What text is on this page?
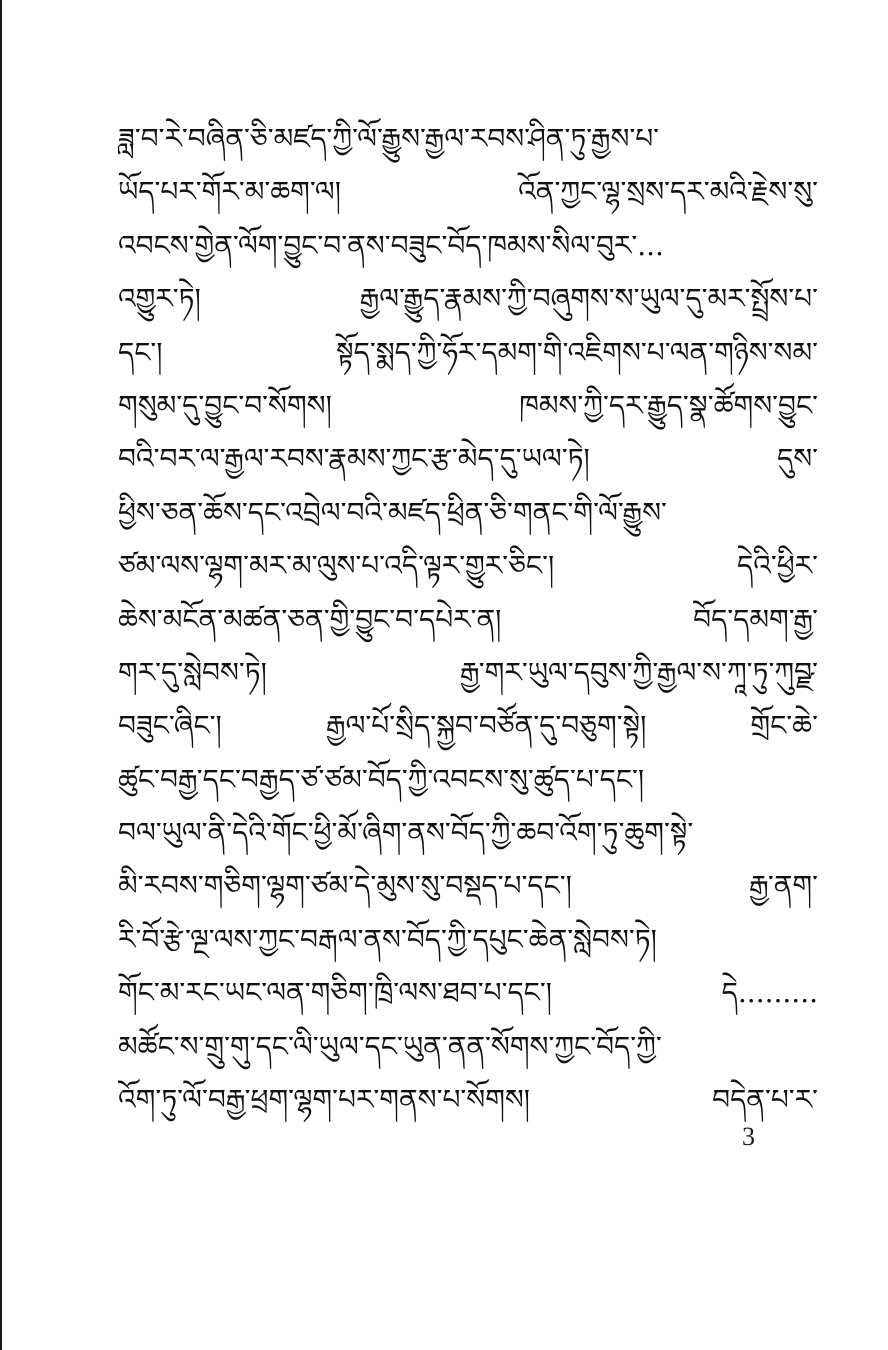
ཟླ་བ་རེ་བཞིན་ཅི་མཛད་ཀྱི་ལོ་རྒྱུས་རྒྱལ་རབས་ཤིན་ཏུ་རྒྱས་པ་
ཡོད་པར་གོར་མ་ཆག་ལ། འོན་ཀྱང་ལྷ་སྲས་དར་མའི་རྗེས་སུ་
འབངས་གྱེན་ལོག་བྱུང་བ་ནས་བཟུང་བོད་ཁམས་སིལ་བུར་...
འགྱུར་ཏེ། རྒྱལ་རྒྱུད་རྣམས་ཀྱི་བཞུགས་ས་ཡུལ་དུ་མར་སྤྲོས་པ་
དང་། སྟོད་སྨད་ཀྱི་ཧོར་དམག་གི་འཇིགས་པ་ལན་གཉིས་སམ་
གསུམ་དུ་བྱུང་བ་སོགས། ཁམས་ཀྱི་དར་རྒྱུད་སྣ་ཚོགས་བྱུང་
བའི་བར་ལ་རྒྱལ་རབས་རྣམས་ཀྱང་རྩ་མེད་དུ་ཡལ་ཏེ། དུས་
ཕྱིས་ཅན་ཆོས་དང་འབྲེལ་བའི་མཛད་ཕྲིན་ཅི་གནང་གི་ལོ་རྒྱུས་
ཙམ་ལས་ལྷག་མར་མ་ལུས་པ་འདི་ལྟར་གྱུར་ཅིང་། དེའི་ཕྱིར་
ཆེས་མངོན་མཚན་ཅན་གྱི་བྱུང་བ་དཔེར་ན། བོད་དམག་རྒྱ་
གར་དུ་སླེབས་ཏེ། རྒྱ་གར་ཡུལ་དབུས་ཀྱི་རྒྱལ་ས་ཀཱ་ཏུ་ཀུབྫ་
བཟུང་ཞིང་། རྒྱལ་པོ་སྲིད་སྐྱབ་བཙོན་དུ་བཅུག་སྟེ། གྲོང་ཆེ་
ཚུང་བརྒྱ་དང་བརྒྱད་ཙ་ཙམ་བོད་ཀྱི་འབངས་སུ་ཚུད་པ་དང་།
བལ་ཡུལ་ནི་དེའི་གོང་ཕྱི་མོ་ཞིག་ནས་བོད་ཀྱི་ཆབ་འོག་ཏུ་ཆུག་སྟེ་
མི་རབས་གཅིག་ལྷག་ཙམ་དེ་མུས་སུ་བསྡད་པ་དང་། རྒྱ་ནག་
རི་བོ་རྩེ་ལྔ་ལས་ཀྱང་བརྒལ་ནས་བོད་ཀྱི་དཔུང་ཆེན་སླེབས་ཏེ།
གོང་མ་རང་ཡང་ལན་གཅིག་ཁྲི་ལས་ཐབ་པ་དང་། དེ.........
མཚོང་ས་གྲུ་གུ་དང་ལི་ཡུལ་དང་ཡུན་ནན་སོགས་ཀྱང་བོད་ཀྱི་
འོག་ཏུ་ལོ་བརྒྱ་ཕྲག་ལྷག་པར་གནས་པ་སོགས། བདེན་པ་ར་
3
